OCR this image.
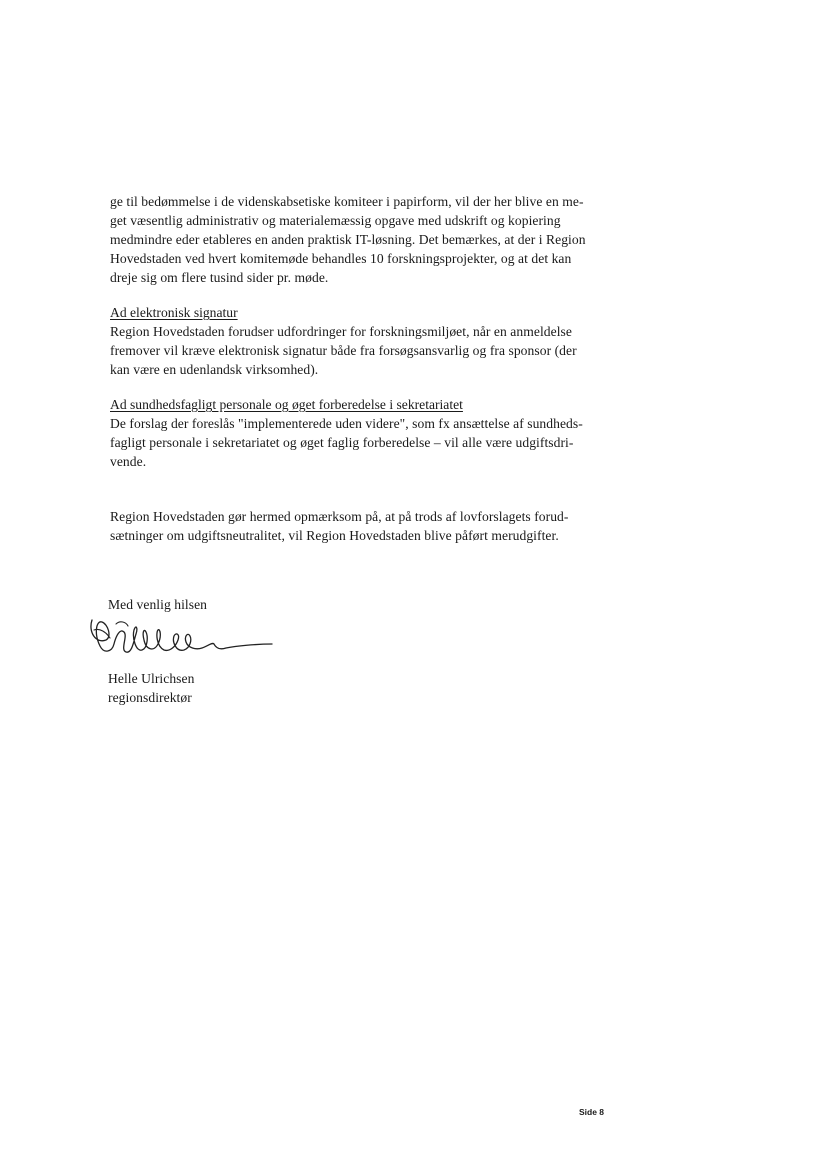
ge til bedømmelse i de videnskabsetiske komiteer i papirform, vil der her blive en me-
get væsentlig administrativ og materialemæssig opgave med udskrift og kopiering
medmindre eder etableres en anden praktisk IT-løsning. Det bemærkes, at der i Region
Hovedstaden ved hvert komitemøde behandles 10 forskningsprojekter, og at det kan
dreje sig om flere tusind sider pr. møde.
Ad elektronisk signatur
Region Hovedstaden forudser udfordringer for forskningsmiljøet, når en anmeldelse
fremover vil kræve elektronisk signatur både fra forsøgsansvarlig og fra sponsor (der
kan være en udenlandsk virksomhed).
Ad sundhedsfagligt personale og øget forberedelse i sekretariatet
De forslag der foreslås "implementerede uden videre", som fx ansættelse af sundheds-
fagligt personale i sekretariatet og øget faglig forberedelse – vil alle være udgiftsdri-
vende.
Region Hovedstaden gør hermed opmærksom på, at på trods af lovforslagets forud-
sætninger om udgiftsneutralitet, vil Region Hovedstaden blive påført merudgifter.
Med venlig hilsen
Helle Ulrichsen
regionsdirektør
Side 8
